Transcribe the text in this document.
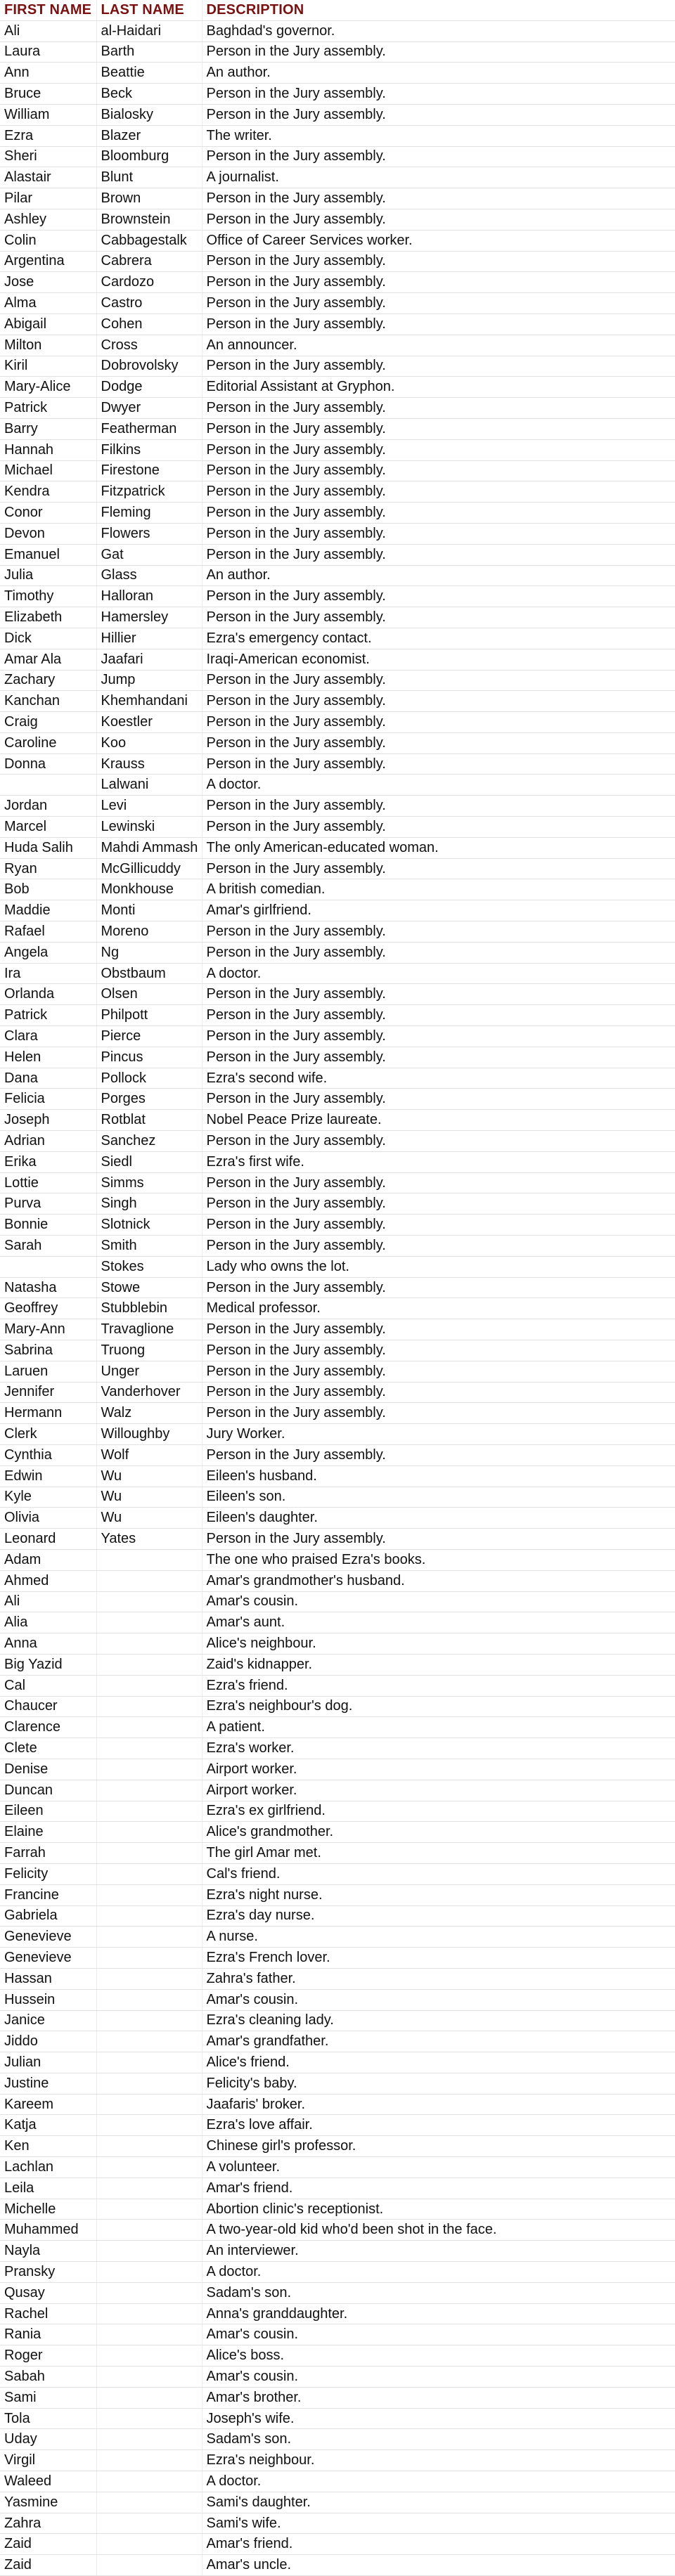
FIRST NAME	LAST NAME	DESCRIPTION
Ali	al-Haidari	Baghdad's governor.
Laura	Barth	Person in the Jury assembly.
Ann	Beattie	An author.
Bruce	Beck	Person in the Jury assembly.
William	Bialosky	Person in the Jury assembly.
Ezra	Blazer	The writer.
Sheri	Bloomburg	Person in the Jury assembly.
Alastair	Blunt	A journalist.
Pilar	Brown	Person in the Jury assembly.
Ashley	Brownstein	Person in the Jury assembly.
Colin	Cabbagestalk	Office of Career Services worker.
Argentina	Cabrera	Person in the Jury assembly.
Jose	Cardozo	Person in the Jury assembly.
Alma	Castro	Person in the Jury assembly.
Abigail	Cohen	Person in the Jury assembly.
Milton	Cross	An announcer.
Kiril	Dobrovolsky	Person in the Jury assembly.
Mary-Alice	Dodge	Editorial Assistant at Gryphon.
Patrick	Dwyer	Person in the Jury assembly.
Barry	Featherman	Person in the Jury assembly.
Hannah	Filkins	Person in the Jury assembly.
Michael	Firestone	Person in the Jury assembly.
Kendra	Fitzpatrick	Person in the Jury assembly.
Conor	Fleming	Person in the Jury assembly.
Devon	Flowers	Person in the Jury assembly.
Emanuel	Gat	Person in the Jury assembly.
Julia	Glass	An author.
Timothy	Halloran	Person in the Jury assembly.
Elizabeth	Hamersley	Person in the Jury assembly.
Dick	Hillier	Ezra's emergency contact.
Amar Ala	Jaafari	Iraqi-American economist.
Zachary	Jump	Person in the Jury assembly.
Kanchan	Khemhandani	Person in the Jury assembly.
Craig	Koestler	Person in the Jury assembly.
Caroline	Koo	Person in the Jury assembly.
Donna	Krauss	Person in the Jury assembly.
	Lalwani	A doctor.
Jordan	Levi	Person in the Jury assembly.
Marcel	Lewinski	Person in the Jury assembly.
Huda Salih	Mahdi Ammash	The only American-educated woman.
Ryan	McGillicuddy	Person in the Jury assembly.
Bob	Monkhouse	A british comedian.
Maddie	Monti	Amar's girlfriend.
Rafael	Moreno	Person in the Jury assembly.
Angela	Ng	Person in the Jury assembly.
Ira	Obstbaum	A doctor.
Orlanda	Olsen	Person in the Jury assembly.
Patrick	Philpott	Person in the Jury assembly.
Clara	Pierce	Person in the Jury assembly.
Helen	Pincus	Person in the Jury assembly.
Dana	Pollock	Ezra's second wife.
Felicia	Porges	Person in the Jury assembly.
Joseph	Rotblat	Nobel Peace Prize laureate.
Adrian	Sanchez	Person in the Jury assembly.
Erika	Siedl	Ezra's first wife.
Lottie	Simms	Person in the Jury assembly.
Purva	Singh	Person in the Jury assembly.
Bonnie	Slotnick	Person in the Jury assembly.
Sarah	Smith	Person in the Jury assembly.
	Stokes	Lady who owns the lot.
Natasha	Stowe	Person in the Jury assembly.
Geoffrey	Stubblebin	Medical professor.
Mary-Ann	Travaglione	Person in the Jury assembly.
Sabrina	Truong	Person in the Jury assembly.
Laruen	Unger	Person in the Jury assembly.
Jennifer	Vanderhover	Person in the Jury assembly.
Hermann	Walz	Person in the Jury assembly.
Clerk	Willoughby	Jury Worker.
Cynthia	Wolf	Person in the Jury assembly.
Edwin	Wu	Eileen's husband.
Kyle	Wu	Eileen's son.
Olivia	Wu	Eileen's daughter.
Leonard	Yates	Person in the Jury assembly.
Adam		The one who praised Ezra's books.
Ahmed		Amar's grandmother's husband.
Ali		Amar's cousin.
Alia		Amar's aunt.
Anna		Alice's neighbour.
Big Yazid		Zaid's kidnapper.
Cal		Ezra's friend.
Chaucer		Ezra's neighbour's dog.
Clarence		A patient.
Clete		Ezra's worker.
Denise		Airport worker.
Duncan		Airport worker.
Eileen		Ezra's ex girlfriend.
Elaine		Alice's grandmother.
Farrah		The girl Amar met.
Felicity		Cal's friend.
Francine		Ezra's night nurse.
Gabriela		Ezra's day nurse.
Genevieve		A nurse.
Genevieve		Ezra's French lover.
Hassan		Zahra's father.
Hussein		Amar's cousin.
Janice		Ezra's cleaning lady.
Jiddo		Amar's grandfather.
Julian		Alice's friend.
Justine		Felicity's baby.
Kareem		Jaafaris' broker.
Katja		Ezra's love affair.
Ken		Chinese girl's professor.
Lachlan		A volunteer.
Leila		Amar's friend.
Michelle		Abortion clinic's receptionist.
Muhammed		A two-year-old kid who'd been shot in the face.
Nayla		An interviewer.
Pransky		A doctor.
Qusay		Sadam's son.
Rachel		Anna's granddaughter.
Rania		Amar's cousin.
Roger		Alice's boss.
Sabah		Amar's cousin.
Sami		Amar's brother.
Tola		Joseph's wife.
Uday		Sadam's son.
Virgil		Ezra's neighbour.
Waleed		A doctor.
Yasmine		Sami's daughter.
Zahra		Sami's wife.
Zaid		Amar's friend.
Zaid		Amar's uncle.
